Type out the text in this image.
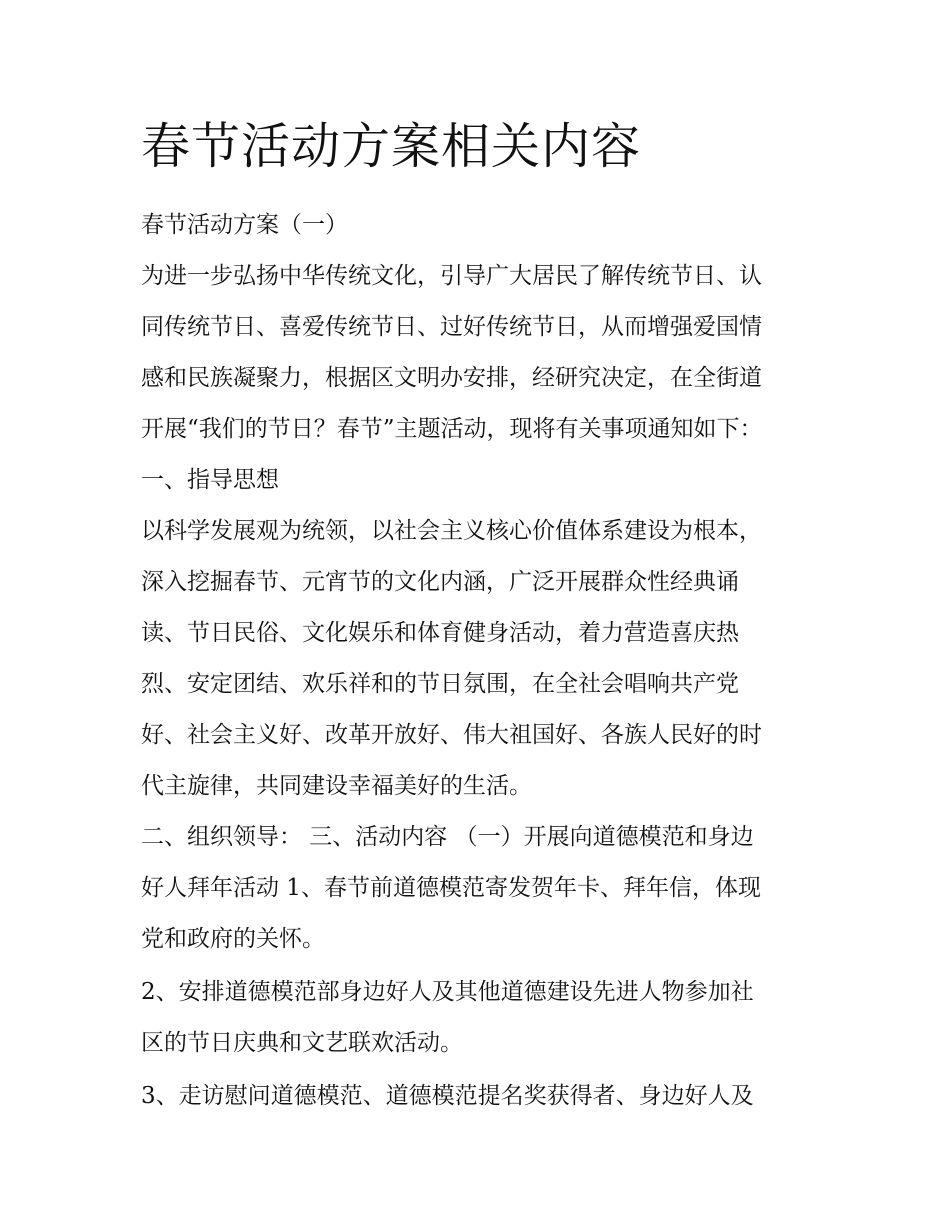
春节活动方案相关内容

春节活动方案（一）

为进一步弘扬中华传统文化，引导广大居民了解传统节日、认

同传统节日、喜爱传统节日、过好传统节日，从而增强爱国情

感和民族凝聚力，根据区文明办安排，经研究决定，在全街道

开展“我们的节日？春节”主题活动，现将有关事项通知如下：

一、指导思想

以科学发展观为统领，以社会主义核心价值体系建设为根本，

深入挖掘春节、元宵节的文化内涵，广泛开展群众性经典诵

读、节日民俗、文化娱乐和体育健身活动，着力营造喜庆热

烈、安定团结、欢乐祥和的节日氛围，在全社会唱响共产党

好、社会主义好、改革开放好、伟大祖国好、各族人民好的时

代主旋律，共同建设幸福美好的生活。

二、组织领导： 三、活动内容 （一）开展向道德模范和身边

好人拜年活动 1、春节前道德模范寄发贺年卡、拜年信，体现

党和政府的关怀。

2、安排道德模范部身边好人及其他道德建设先进人物参加社

区的节日庆典和文艺联欢活动。

3、走访慰问道德模范、道德模范提名奖获得者、身边好人及
